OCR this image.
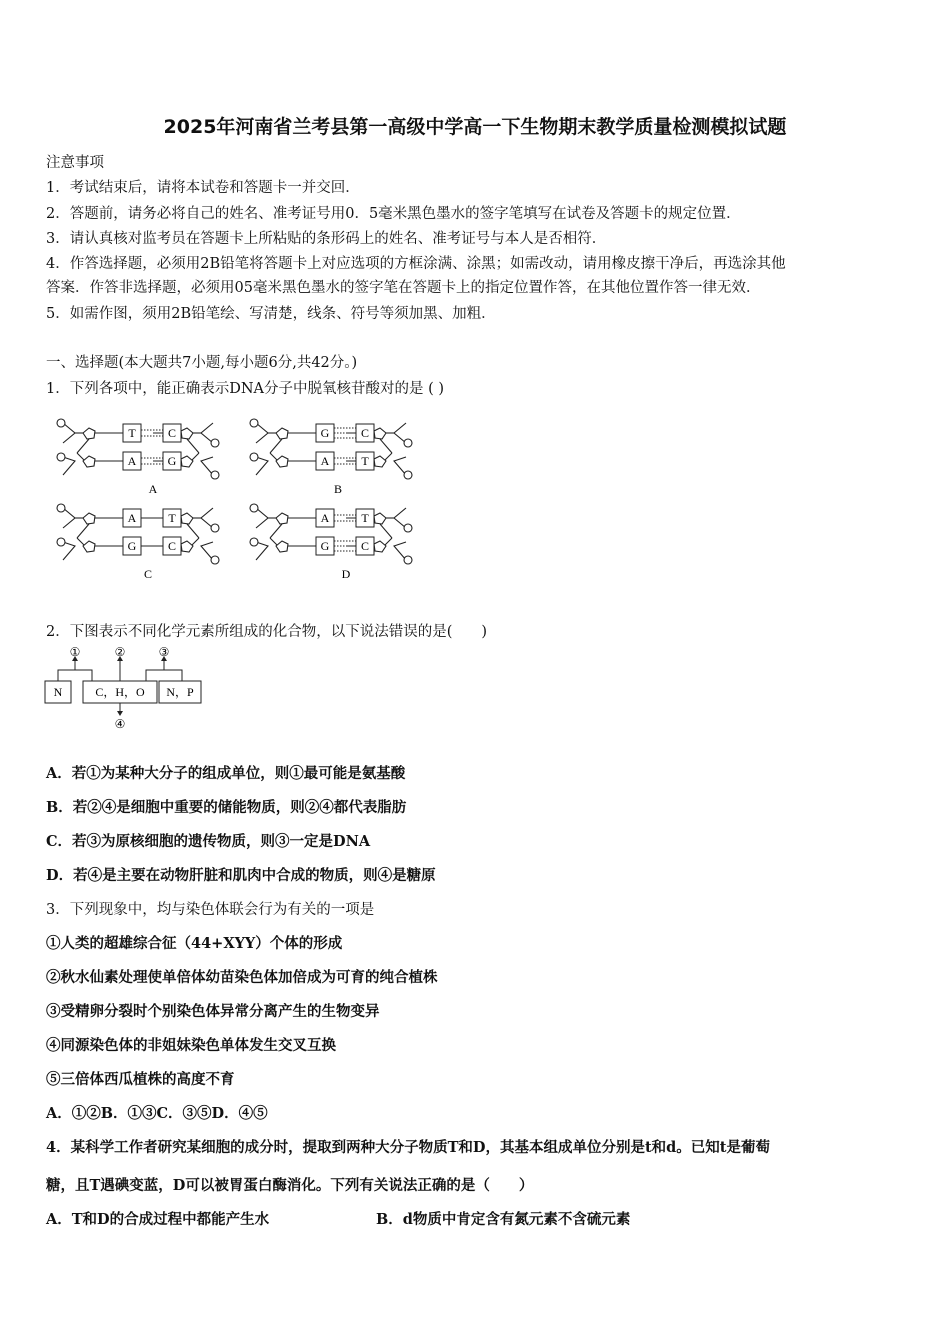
2025年河南省兰考县第一高级中学高一下生物期末教学质量检测模拟试题
注意事项
1．考试结束后，请将本试卷和答题卡一并交回．
2．答题前，请务必将自己的姓名、准考证号用0．5毫米黑色墨水的签字笔填写在试卷及答题卡的规定位置．
3．请认真核对监考员在答题卡上所粘贴的条形码上的姓名、准考证号与本人是否相符．
4．作答选择题，必须用2B铅笔将答题卡上对应选项的方框涂满、涂黑；如需改动，请用橡皮擦干净后，再选涂其他
答案．作答非选择题，必须用05毫米黑色墨水的签字笔在答题卡上的指定位置作答，在其他位置作答一律无效．
5．如需作图，须用2B铅笔绘、写清楚，线条、符号等须加黑、加粗．
一、选择题(本大题共7小题,每小题6分,共42分。)
1．下列各项中，能正确表示DNA分子中脱氧核苷酸对的是 ( )
T	C
A	G
A
G	C
A	T
B
A	T
G	C
C
A	T
G	C
D
2．下图表示不同化学元素所组成的化合物，以下说法错误的是(　　)
N	C，H，O N，P
①	②	③
④
A．若①为某种大分子的组成单位，则①最可能是氨基酸
B．若②④是细胞中重要的储能物质，则②④都代表脂肪
C．若③为原核细胞的遗传物质，则③一定是DNA
D．若④是主要在动物肝脏和肌肉中合成的物质，则④是糖原
3．下列现象中，均与染色体联会行为有关的一项是
①人类的超雄综合征（44+XYY）个体的形成
②秋水仙素处理使单倍体幼苗染色体加倍成为可育的纯合植株
③受精卵分裂时个别染色体异常分离产生的生物变异
④同源染色体的非姐妹染色单体发生交叉互换
⑤三倍体西瓜植株的高度不育
A．①②B．①③C．③⑤D．④⑤
4．某科学工作者研究某细胞的成分时，提取到两种大分子物质T和D，其基本组成单位分别是t和d。已知t是葡萄
糖，且T遇碘变蓝，D可以被胃蛋白酶消化。下列有关说法正确的是（　　）
A．T和D的合成过程中都能产生水	B．d物质中肯定含有氮元素不含硫元素
